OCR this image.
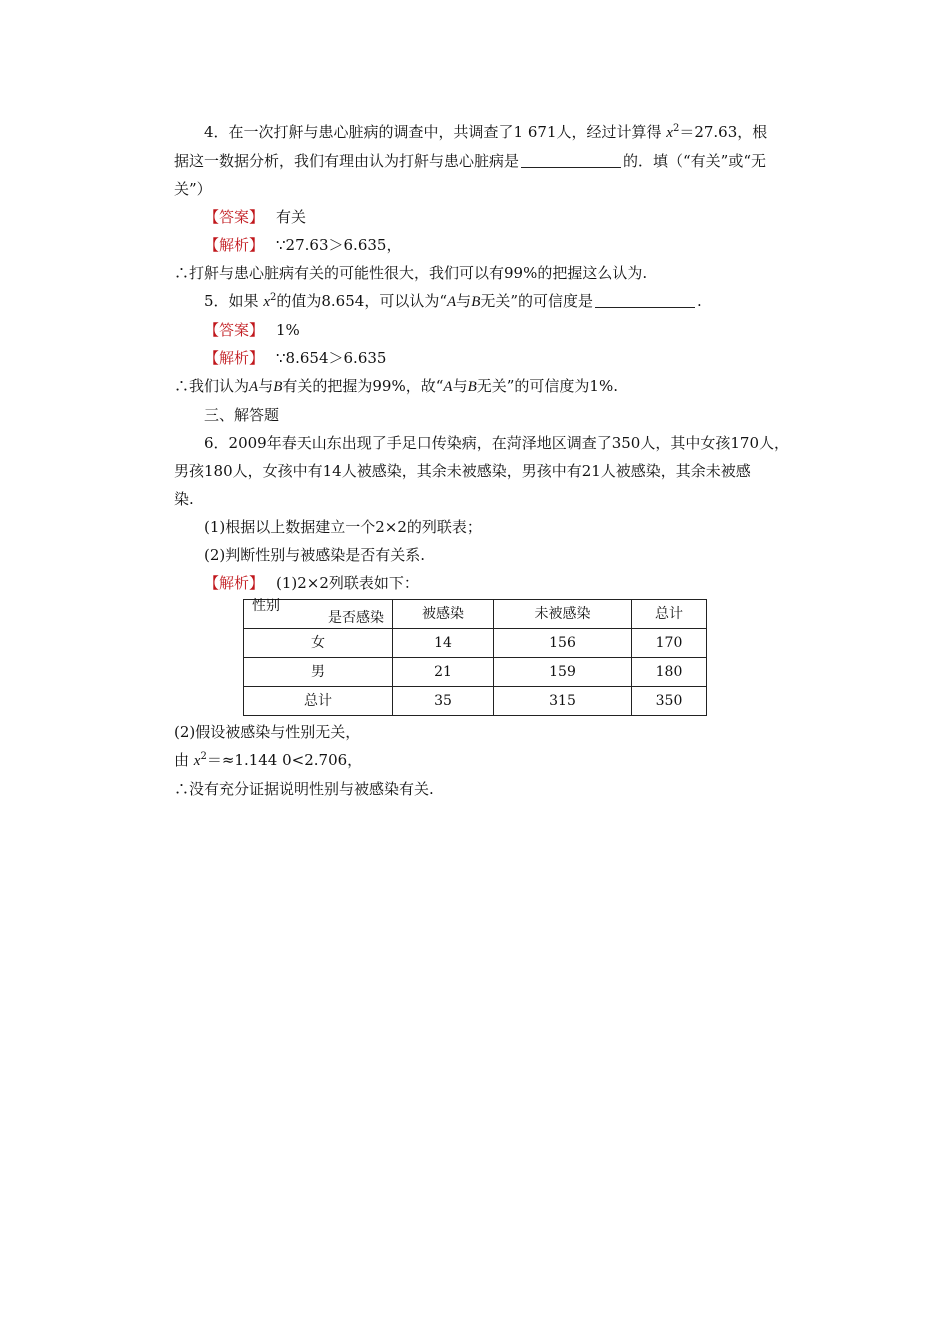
4．在一次打鼾与患心脏病的调查中，共调查了1 671人，经过计算得 $x^2=27.63$，根

据这一数据分析，我们有理由认为打鼾与患心脏病是	的．填（“有关”或“无

关”）

【答案】 有关

【解析】 ∵27.63＞6.635，

∴打鼾与患心脏病有关的可能性很大，我们可以有99%的把握这么认为.

5．如果 $x^2$的值为8.654，可以认为“A与B无关”的可信度是	.

【答案】 1%

【解析】 ∵8.654＞6.635

∴我们认为A与B有关的把握为99%，故“A与B无关”的可信度为1%.

三、解答题

6．2009年春天山东出现了手足口传染病，在菏泽地区调查了350人，其中女孩170人，

男孩180人，女孩中有14人被感染，其余未被感染，男孩中有21人被感染，其余未被感

染.

(1)根据以上数据建立一个2×2的列联表；

(2)判断性别与被感染是否有关系.

【解析】 (1)2×2列联表如下：

是否感染
性别	被感染	未被感染	总计
女	14	156	170
男	21	159	180
总计	35	315	350

(2)假设被感染与性别无关，

由 $x^2=\approx 1.144$ 0<2.706，

∴没有充分证据说明性别与被感染有关.
